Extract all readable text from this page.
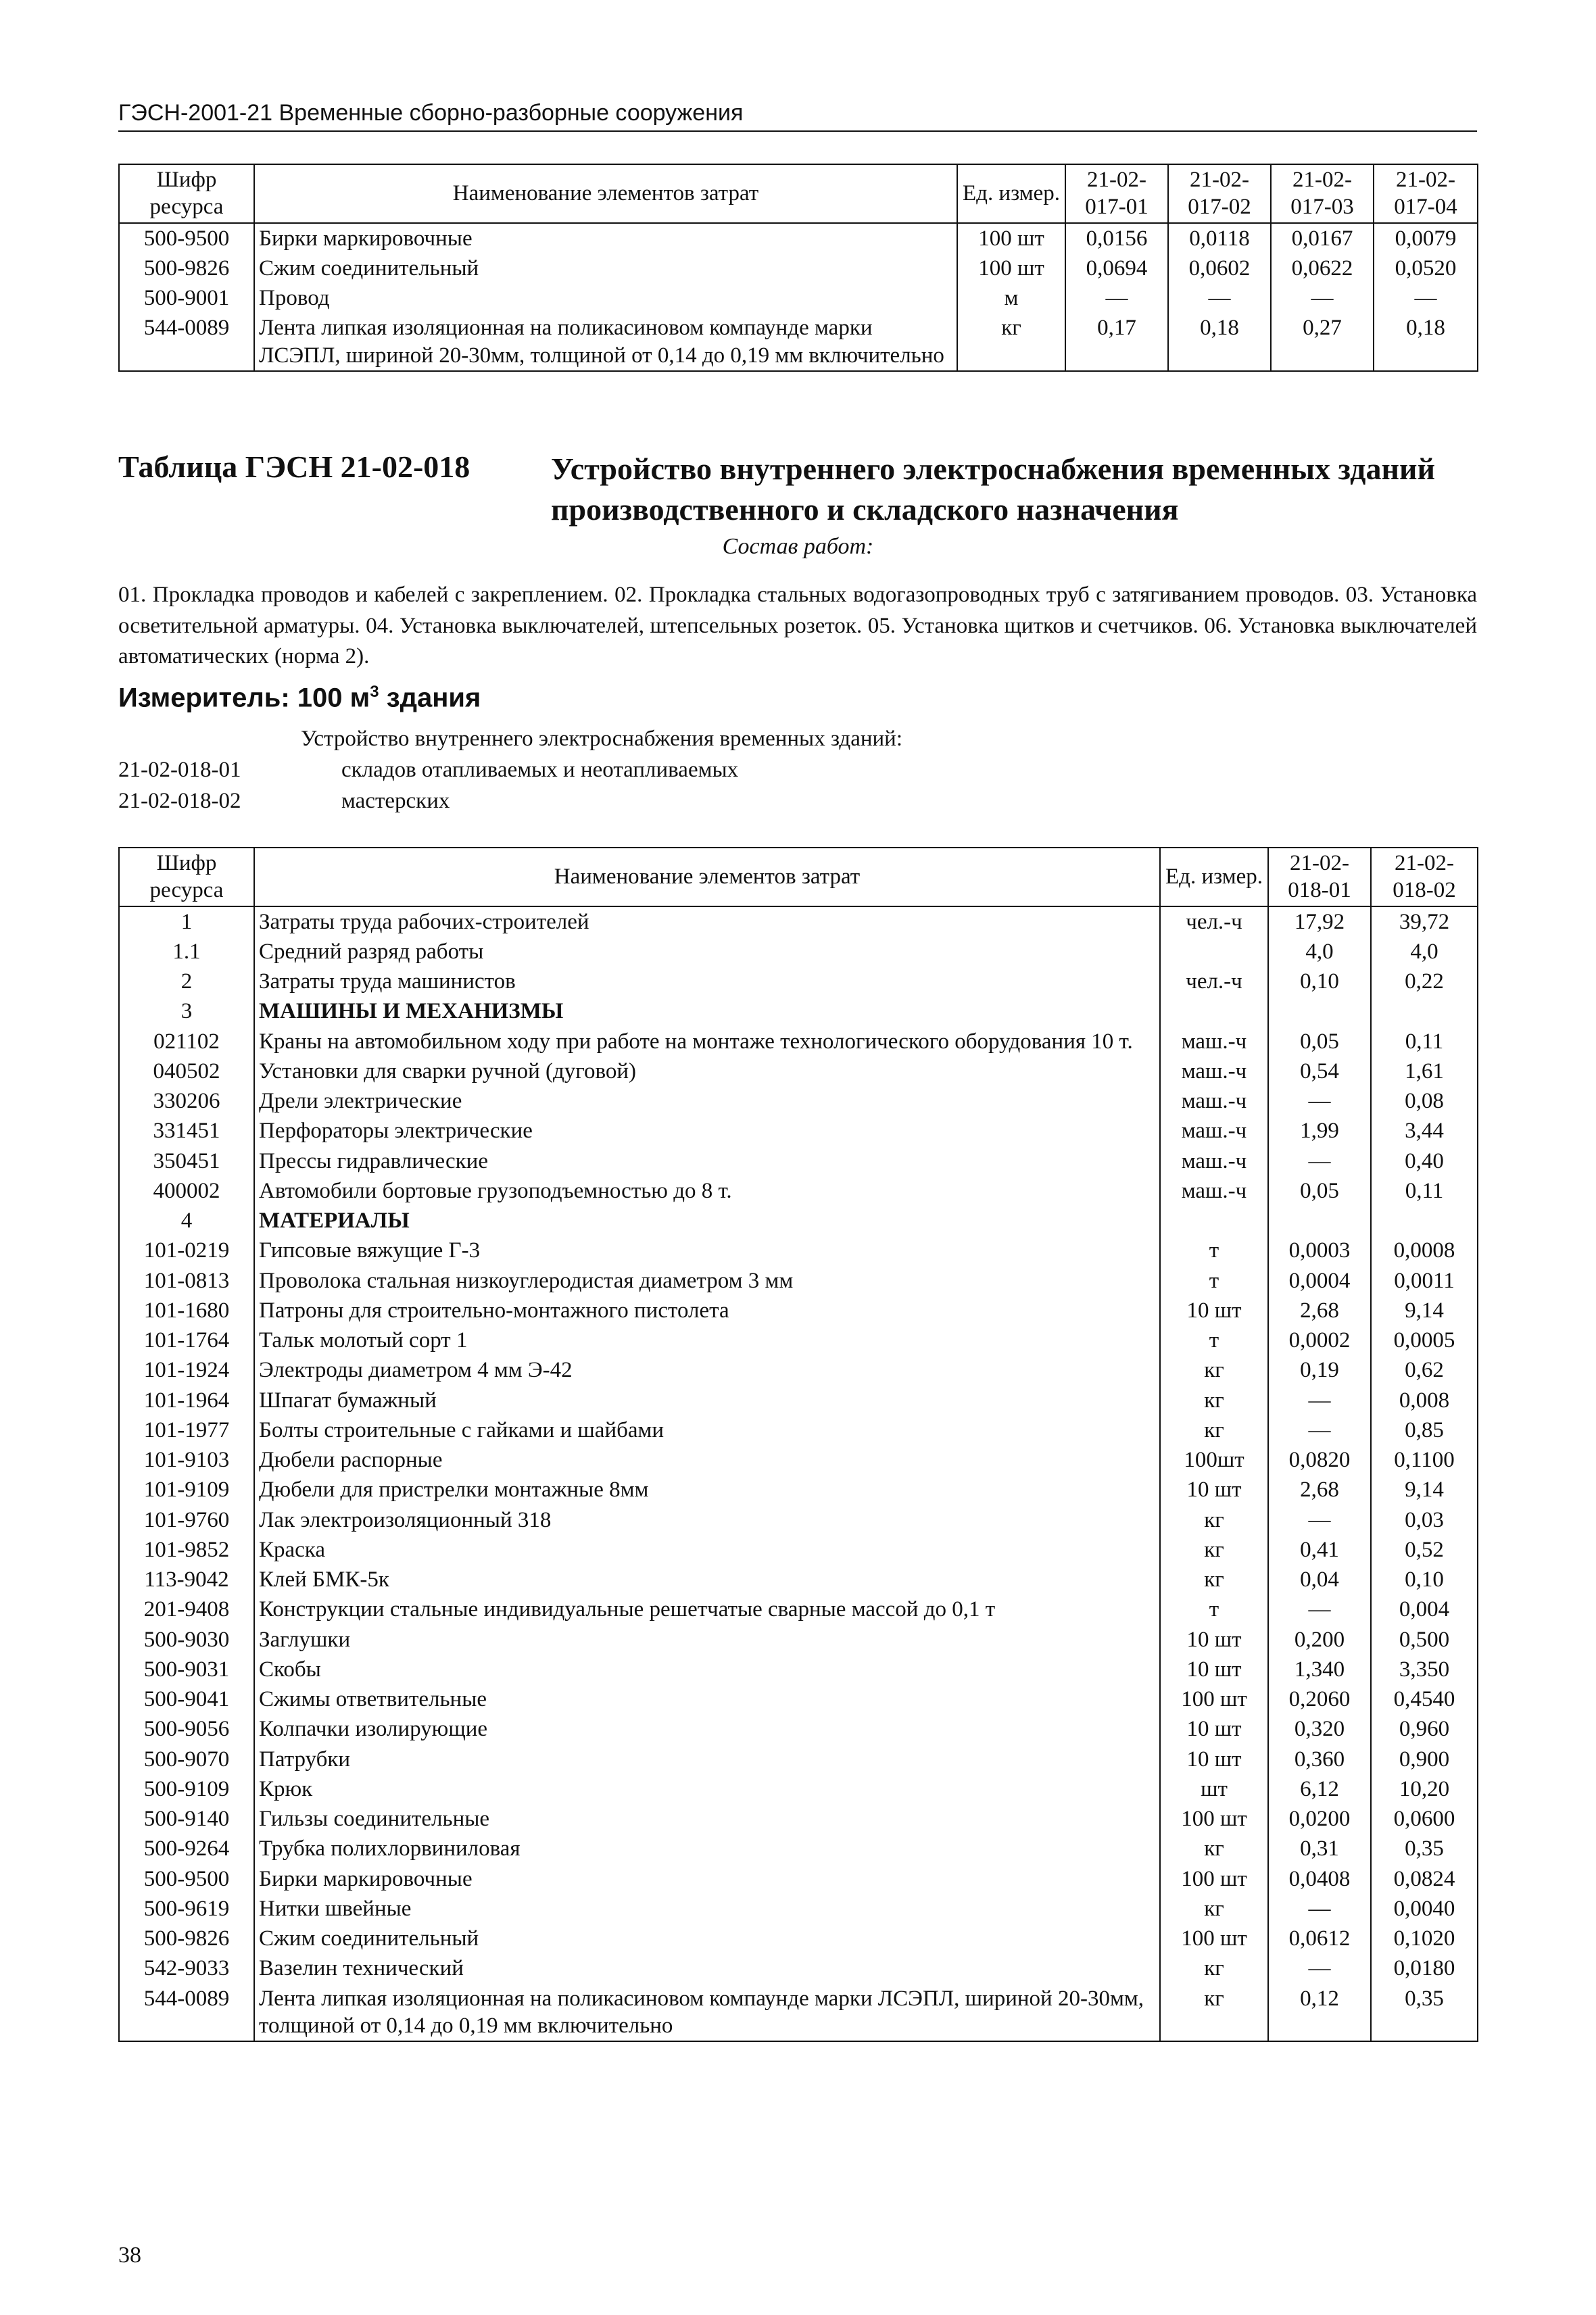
ГЭСН-2001-21 Временные сборно-разборные сооружения
Шифр ресурса	Наименование элементов затрат	Ед. измер.	21-02-017-01	21-02-017-02	21-02-017-03	21-02-017-04
500-9500	Бирки маркировочные	100 шт	0,0156	0,0118	0,0167	0,0079
500-9826	Сжим соединительный	100 шт	0,0694	0,0602	0,0622	0,0520
500-9001	Провод	м	—	—	—	—
544-0089	Лента липкая изоляционная на поликасиновом компаунде марки ЛСЭПЛ, шириной 20-30мм, толщиной от 0,14 до 0,19 мм включительно	кг	0,17	0,18	0,27	0,18
Таблица ГЭСН 21-02-018	Устройство внутреннего электроснабжения временных зданий производственного и складского назначения
Состав работ:
01. Прокладка проводов и кабелей с закреплением. 02. Прокладка стальных водогазопроводных труб с затягиванием проводов. 03. Установка осветительной арматуры. 04. Установка выключателей, штепсельных розеток. 05. Установка щитков и счетчиков. 06. Установка выключателей автоматических (норма 2).
Измеритель: 100 $м^3$ здания
Устройство внутреннего электроснабжения временных зданий:
21-02-018-01	складов отапливаемых и неотапливаемых
21-02-018-02	мастерских
Шифр ресурса	Наименование элементов затрат	Ед. измер.	21-02-018-01	21-02-018-02
1	Затраты труда рабочих-строителей	чел.-ч	17,92	39,72
1.1	Средний разряд работы		4,0	4,0
2	Затраты труда машинистов	чел.-ч	0,10	0,22
3	МАШИНЫ И МЕХАНИЗМЫ			
021102	Краны на автомобильном ходу при работе на монтаже технологического оборудования 10 т.	маш.-ч	0,05	0,11
040502	Установки для сварки ручной (дуговой)	маш.-ч	0,54	1,61
330206	Дрели электрические	маш.-ч	—	0,08
331451	Перфораторы электрические	маш.-ч	1,99	3,44
350451	Прессы гидравлические	маш.-ч	—	0,40
400002	Автомобили бортовые грузоподъемностью до 8 т.	маш.-ч	0,05	0,11
4	МАТЕРИАЛЫ			
101-0219	Гипсовые вяжущие Г-3	т	0,0003	0,0008
101-0813	Проволока стальная низкоуглеродистая диаметром 3 мм	т	0,0004	0,0011
101-1680	Патроны для строительно-монтажного пистолета	10 шт	2,68	9,14
101-1764	Тальк молотый сорт 1	т	0,0002	0,0005
101-1924	Электроды диаметром 4 мм Э-42	кг	0,19	0,62
101-1964	Шпагат бумажный	кг	—	0,008
101-1977	Болты строительные с гайками и шайбами	кг	—	0,85
101-9103	Дюбели распорные	100шт	0,0820	0,1100
101-9109	Дюбели для пристрелки монтажные 8мм	10 шт	2,68	9,14
101-9760	Лак электроизоляционный 318	кг	—	0,03
101-9852	Краска	кг	0,41	0,52
113-9042	Клей БМК-5к	кг	0,04	0,10
201-9408	Конструкции стальные индивидуальные решетчатые сварные массой до 0,1 т	т	—	0,004
500-9030	Заглушки	10 шт	0,200	0,500
500-9031	Скобы	10 шт	1,340	3,350
500-9041	Сжимы ответвительные	100 шт	0,2060	0,4540
500-9056	Колпачки изолирующие	10 шт	0,320	0,960
500-9070	Патрубки	10 шт	0,360	0,900
500-9109	Крюк	шт	6,12	10,20
500-9140	Гильзы соединительные	100 шт	0,0200	0,0600
500-9264	Трубка полихлорвиниловая	кг	0,31	0,35
500-9500	Бирки маркировочные	100 шт	0,0408	0,0824
500-9619	Нитки швейные	кг	—	0,0040
500-9826	Сжим соединительный	100 шт	0,0612	0,1020
542-9033	Вазелин технический	кг	—	0,0180
544-0089	Лента липкая изоляционная на поликасиновом компаунде марки ЛСЭПЛ, шириной 20-30мм, толщиной от 0,14 до 0,19 мм включительно	кг	0,12	0,35
38
